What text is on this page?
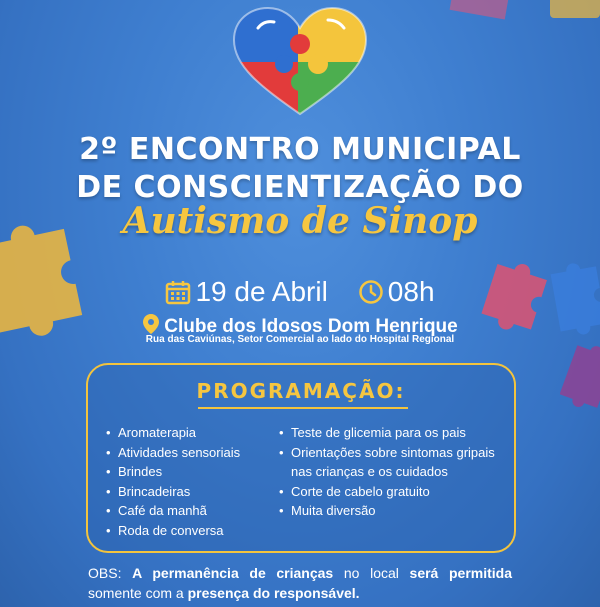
2º ENCONTRO MUNICIPAL
DE CONSCIENTIZAÇÃO DO
Autismo de Sinop
19 de Abril 08h
Clube dos Idosos Dom Henrique
Rua das Caviúnas, Setor Comercial ao lado do Hospital Regional
PROGRAMAÇÃO:
• Aromaterapia
• Atividades sensoriais
• Brindes
• Brincadeiras
• Café da manhã
• Roda de conversa
• Teste de glicemia para os pais
• Orientações sobre sintomas gripais nas crianças e os cuidados
• Corte de cabelo gratuito
• Muita diversão
OBS: A permanência de crianças no local será permitida somente com a presença do responsável.
